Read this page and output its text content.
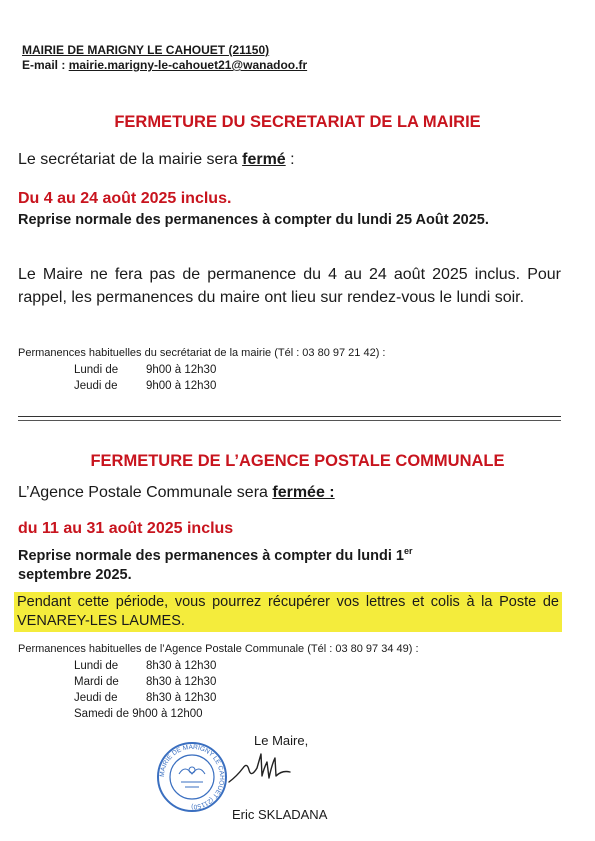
MAIRIE DE MARIGNY LE CAHOUET (21150)
E-mail : mairie.marigny-le-cahouet21@wanadoo.fr
FERMETURE DU SECRETARIAT DE LA MAIRIE
Le secrétariat de la mairie sera fermé :
Du 4 au 24 août 2025 inclus.
Reprise normale des permanences à compter du lundi 25 Août 2025.
Le Maire ne fera pas de permanence du 4 au 24 août 2025 inclus. Pour rappel, les permanences du maire ont lieu sur rendez-vous le lundi soir.
Permanences habituelles du secrétariat de la mairie (Tél : 03 80 97 21 42) :
Lundi de 9h00 à 12h30
Jeudi de 9h00 à 12h30
FERMETURE DE L’AGENCE POSTALE COMMUNALE
L’Agence Postale Communale sera fermée :
du 11 au 31 août 2025 inclus
Reprise normale des permanences à compter du lundi 1er
septembre 2025.
Pendant cette période, vous pourrez récupérer vos lettres et colis à la Poste de VENAREY-LES LAUMES.
Permanences habituelles de l’Agence Postale Communale (Tél : 03 80 97 34 49) :
Lundi de 8h30 à 12h30
Mardi de 8h30 à 12h30
Jeudi de 8h30 à 12h30
Samedi de 9h00 à 12h00
Le Maire,
MAIRIE DE MARIGNY LE CAHOUET (21150)
Eric SKLADANA
